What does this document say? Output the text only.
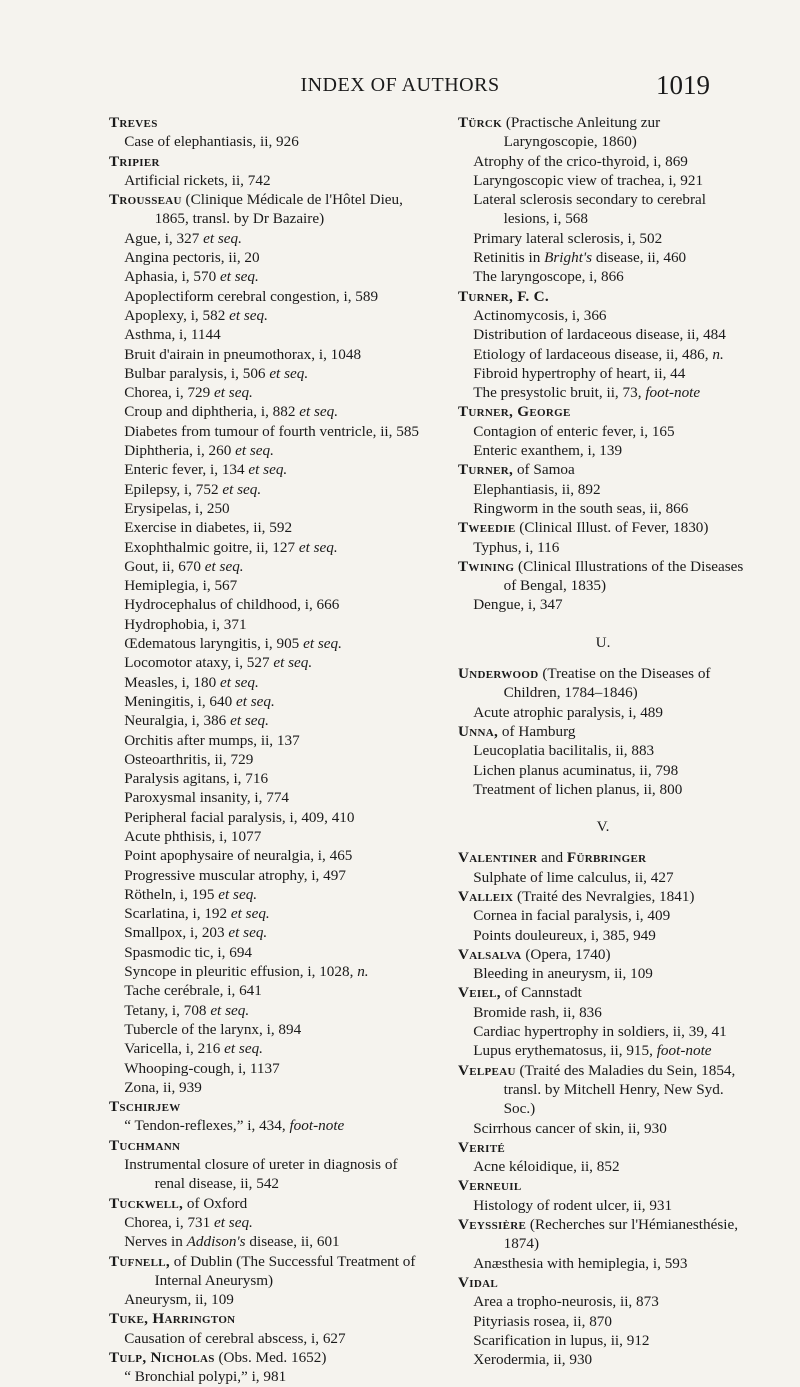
INDEX OF AUTHORS	1019

Treves

Case of elephantiasis, ii, 926

Tripier

Artificial rickets, ii, 742

Trousseau (Clinique Médicale de l'Hôtel Dieu, 1865, transl. by Dr Bazaire)

Ague, i, 327 et seq.

Angina pectoris, ii, 20

Aphasia, i, 570 et seq.

Apoplectiform cerebral congestion, i, 589

Apoplexy, i, 582 et seq.

Asthma, i, 1144

Bruit d'airain in pneumothorax, i, 1048

Bulbar paralysis, i, 506 et seq.

Chorea, i, 729 et seq.

Croup and diphtheria, i, 882 et seq.

Diabetes from tumour of fourth ventricle, ii, 585

Diphtheria, i, 260 et seq.

Enteric fever, i, 134 et seq.

Epilepsy, i, 752 et seq.

Erysipelas, i, 250

Exercise in diabetes, ii, 592

Exophthalmic goitre, ii, 127 et seq.

Gout, ii, 670 et seq.

Hemiplegia, i, 567

Hydrocephalus of childhood, i, 666

Hydrophobia, i, 371

Œdematous laryngitis, i, 905 et seq.

Locomotor ataxy, i, 527 et seq.

Measles, i, 180 et seq.

Meningitis, i, 640 et seq.

Neuralgia, i, 386 et seq.

Orchitis after mumps, ii, 137

Osteoarthritis, ii, 729

Paralysis agitans, i, 716

Paroxysmal insanity, i, 774

Peripheral facial paralysis, i, 409, 410

Acute phthisis, i, 1077

Point apophysaire of neuralgia, i, 465

Progressive muscular atrophy, i, 497

Rötheln, i, 195 et seq.

Scarlatina, i, 192 et seq.

Smallpox, i, 203 et seq.

Spasmodic tic, i, 694

Syncope in pleuritic effusion, i, 1028, n.

Tache cerébrale, i, 641

Tetany, i, 708 et seq.

Tubercle of the larynx, i, 894

Varicella, i, 216 et seq.

Whooping-cough, i, 1137

Zona, ii, 939

Tschirjew

“ Tendon-reflexes,” i, 434, foot-note

Tuchmann

Instrumental closure of ureter in diagnosis of renal disease, ii, 542

Tuckwell, of Oxford

Chorea, i, 731 et seq.

Nerves in Addison's disease, ii, 601

Tufnell, of Dublin (The Successful Treatment of Internal Aneurysm)

Aneurysm, ii, 109

Tuke, Harrington

Causation of cerebral abscess, i, 627

Tulp, Nicholas (Obs. Med. 1652)

“ Bronchial polypi,” i, 981

Türck (Practische Anleitung zur Laryngoscopie, 1860)

Atrophy of the crico-thyroid, i, 869

Laryngoscopic view of trachea, i, 921

Lateral sclerosis secondary to cerebral lesions, i, 568

Primary lateral sclerosis, i, 502

Retinitis in Bright's disease, ii, 460

The laryngoscope, i, 866

Turner, F. C.

Actinomycosis, i, 366

Distribution of lardaceous disease, ii, 484

Etiology of lardaceous disease, ii, 486, n.

Fibroid hypertrophy of heart, ii, 44

The presystolic bruit, ii, 73, foot-note

Turner, George

Contagion of enteric fever, i, 165

Enteric exanthem, i, 139

Turner, of Samoa

Elephantiasis, ii, 892

Ringworm in the south seas, ii, 866

Tweedie (Clinical Illust. of Fever, 1830)

Typhus, i, 116

Twining (Clinical Illustrations of the Diseases of Bengal, 1835)

Dengue, i, 347

U.

Underwood (Treatise on the Diseases of Children, 1784–1846)

Acute atrophic paralysis, i, 489

Unna, of Hamburg

Leucoplatia bacilitalis, ii, 883

Lichen planus acuminatus, ii, 798

Treatment of lichen planus, ii, 800

V.

Valentiner and Fürbringer

Sulphate of lime calculus, ii, 427

Valleix (Traité des Nevralgies, 1841)

Cornea in facial paralysis, i, 409

Points douleureux, i, 385, 949

Valsalva (Opera, 1740)

Bleeding in aneurysm, ii, 109

Veiel, of Cannstadt

Bromide rash, ii, 836

Cardiac hypertrophy in soldiers, ii, 39, 41

Lupus erythematosus, ii, 915, foot-note

Velpeau (Traité des Maladies du Sein, 1854, transl. by Mitchell Henry, New Syd. Soc.)

Scirrhous cancer of skin, ii, 930

Verité

Acne kéloidique, ii, 852

Verneuil

Histology of rodent ulcer, ii, 931

Veyssière (Recherches sur l'Hémianesthésie, 1874)

Anæsthesia with hemiplegia, i, 593

Vidal

Area a tropho-neurosis, ii, 873

Pityriasis rosea, ii, 870

Scarification in lupus, ii, 912

Xerodermia, ii, 930
